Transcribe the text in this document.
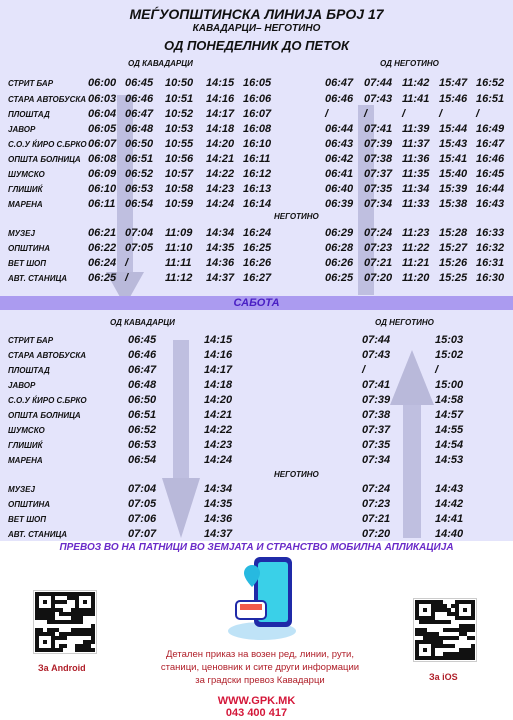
МЕЃУОПШТИНСКА ЛИНИЈА БРОЈ 17
КАВАДАРЦИ– НЕГОТИНО
ОД ПОНЕДЕЛНИК ДО ПЕТОК
ОД КАВАДАРЦИ	ОД НЕГОТИНО
НЕГОТИНО
СТРИТ БАР	06:00 06:45 10:50 14:15 16:05	06:47 07:44 11:42 15:47 16:52
СТАРА АВТОБУСКА 06:03 06:46 10:51 14:16 16:06	06:46 07:43 11:41 15:46 16:51
ПЛОШТАД	06:04 06:47 10:52 14:17 16:07	/	/	/	/	/
ЈАВОР	06:05 06:48 10:53 14:18 16:08	06:44 07:41 11:39 15:44 16:49
С.О.У ЌИРО С.БРКО 06:07 06:50 10:55 14:20 16:10	06:43 07:39 11:37 15:43 16:47
ОПШТА БОЛНИЦА 06:08 06:51 10:56 14:21 16:11	06:42 07:38 11:36 15:41 16:46
ШУМСКО	06:09 06:52 10:57 14:22 16:12	06:41 07:37 11:35 15:40 16:45
ГЛИШИЌ	06:10 06:53 10:58 14:23 16:13	06:40 07:35 11:34 15:39 16:44
МАРЕНА	06:11 06:54 10:59 14:24 16:14	06:39 07:34 11:33 15:38 16:43
МУЗЕЈ	06:21 07:04 11:09 14:34 16:24	06:29 07:24 11:23 15:28 16:33
ОПШТИНА	06:22 07:05 11:10 14:35 16:25	06:28 07:23 11:22 15:27 16:32
ВЕТ ШОП	06:24 /	11:11 14:36 16:26	06:26 07:21 11:21 15:26 16:31
АВТ. СТАНИЦА 06:25 /	11:12 14:37 16:27	06:25 07:20 11:20 15:25 16:30
САБОТА
ОД КАВАДАРЦИ	ОД НЕГОТИНО
НЕГОТИНО
СТРИТ БАР	06:45	14:15	07:44	15:03
СТАРА АВТОБУСКА	06:46	14:16	07:43	15:02
ПЛОШТАД	06:47	14:17	/	/
ЈАВОР	06:48	14:18	07:41	15:00
С.О.У ЌИРО С.БРКО	06:50	14:20	07:39	14:58
ОПШТА БОЛНИЦА	06:51	14:21	07:38	14:57
ШУМСКО	06:52	14:22	07:37	14:55
ГЛИШИЌ	06:53	14:23	07:35	14:54
МАРЕНА	06:54	14:24	07:34	14:53
МУЗЕЈ	07:04	14:34	07:24	14:43
ОПШТИНА	07:05	14:35	07:23	14:42
ВЕТ ШОП	07:06	14:36	07:21	14:41
АВТ. СТАНИЦА	07:07	14:37	07:20	14:40
ПРЕВОЗ ВО НА ПАТНИЦИ ВО ЗЕМЈАТА И СТРАНСТВО МОБИЛНА АПЛИКАЦИЈА
За Android
За iOS
Детален приказ на возен ред, линии, рути,
станици, ценовник и сите други информации
за градски превоз Кавадарци
WWW.GPK.MK
043 400 417
